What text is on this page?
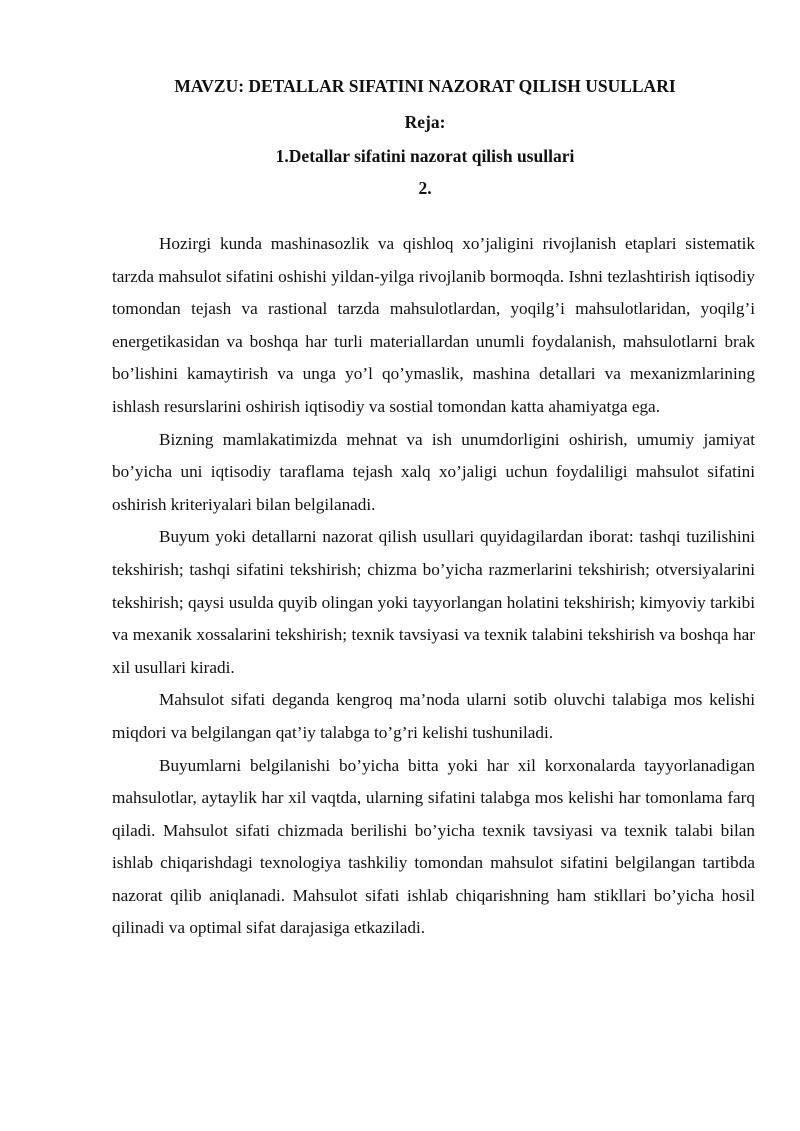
MAVZU: DETALLAR SIFATINI NAZORAT QILISH USULLARI
Reja:
1.Detallar sifatini nazorat qilish usullari
2.

Hozirgi kunda mashinasozlik va qishloq xo’jaligini rivojlanish etaplari sistematik tarzda mahsulot sifatini oshishi yildan-yilga rivojlanib bormoqda. Ishni tezlashtirish iqtisodiy tomondan tejash va rastional tarzda mahsulotlardan, yoqilg’i mahsulotlaridan, yoqilg’i energetikasidan va boshqa har turli materiallardan unumli foydalanish, mahsulotlarni brak bo’lishini kamaytirish va unga yo’l qo’ymaslik, mashina detallari va mexanizmlarining ishlash resurslarini oshirish iqtisodiy va sostial tomondan katta ahamiyatga ega.

Bizning mamlakatimizda mehnat va ish unumdorligini oshirish, umumiy jamiyat bo’yicha uni iqtisodiy taraflama tejash xalq xo’jaligi uchun foydaliligi mahsulot sifatini oshirish kriteriyalari bilan belgilanadi.

Buyum yoki detallarni nazorat qilish usullari quyidagilardan iborat: tashqi tuzilishini tekshirish; tashqi sifatini tekshirish; chizma bo’yicha razmerlarini tekshirish; otversiyalarini tekshirish; qaysi usulda quyib olingan yoki tayyorlangan holatini tekshirish; kimyoviy tarkibi va mexanik xossalarini tekshirish; texnik tavsiyasi va texnik talabini tekshirish va boshqa har xil usullari kiradi.

Mahsulot sifati deganda kengroq ma’noda ularni sotib oluvchi talabiga mos kelishi miqdori va belgilangan qat’iy talabga to’g’ri kelishi tushuniladi.

Buyumlarni belgilanishi bo’yicha bitta yoki har xil korxonalarda tayyorlanadigan mahsulotlar, aytaylik har xil vaqtda, ularning sifatini talabga mos kelishi har tomonlama farq qiladi. Mahsulot sifati chizmada berilishi bo’yicha texnik tavsiyasi va texnik talabi bilan ishlab chiqarishdagi texnologiya tashkiliy tomondan mahsulot sifatini belgilangan tartibda nazorat qilib aniqlanadi. Mahsulot sifati ishlab chiqarishning ham stikllari bo’yicha hosil qilinadi va optimal sifat darajasiga etkaziladi.
